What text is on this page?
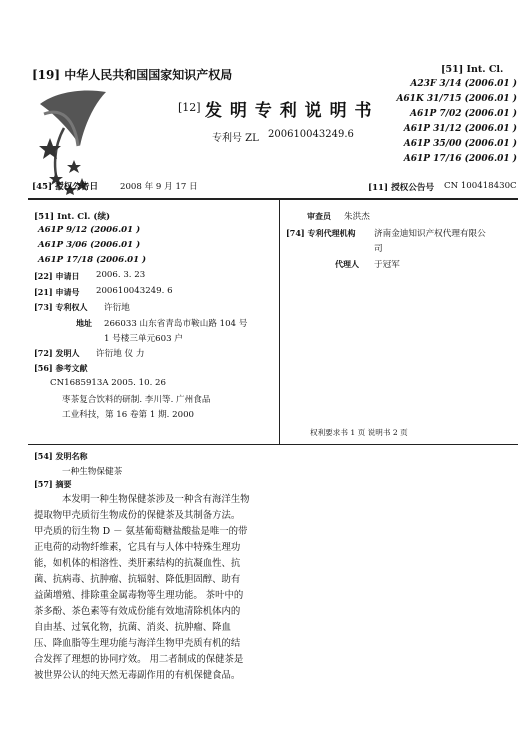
[19] 中华人民共和国国家知识产权局
[12] 发 明 专 利 说 明 书
专利号 ZL 200610043249.6
[51] Int. Cl.
A23F 3/14 (2006.01 )
A61K 31/715 (2006.01 )
A61P 7/02 (2006.01 )
A61P 31/12 (2006.01 )
A61P 35/00 (2006.01 )
A61P 17/16 (2006.01 )
[45] 授权公告日	2008 年 9 月 17 日	[11] 授权公告号 CN 100418430C
[51] Int. Cl. (续)
A61P 9/12 (2006.01 )
A61P 3/06 (2006.01 )
A61P 17/18 (2006.01 )
[22] 申请日 2006. 3. 23
[21] 申请号 200610043249. 6
[73] 专利权人 许衍地
地址 266033 山东省青岛市鞍山路 104 号
1 号楼三单元603 户
[72] 发明人 许衍地 仪 力
[56] 参考文献
CN1685913A 2005. 10. 26
枣茶复合饮料的研制. 李川等. 广州食品
工业科技，第 16 卷第 1 期. 2000
审查员 朱洪杰
[74] 专利代理机构 济南金迪知识产权代理有限公
司
代理人 于冠军
权利要求书 1 页 说明书 2 页
[54] 发明名称
一种生物保健茶
[57] 摘要
本发明一种生物保健茶涉及一种含有海洋生物
提取物甲壳质衍生物成份的保健茶及其制备方法。
甲壳质的衍生物 D － 氨基葡萄糖盐酸盐是唯一的带
正电荷的动物纤维素，它具有与人体中特殊生理功
能，如机体的相溶性、类肝素结构的抗凝血性、抗
菌、抗病毒、抗肿瘤、抗辐射、降低胆固醇、助有
益菌增殖、排除重金属毒物等生理功能。 茶叶中的
茶多酚、茶色素等有效成份能有效地清除机体内的
自由基、过氧化物，抗菌、消炎、抗肿瘤、降血
压、降血脂等生理功能与海洋生物甲壳质有机的结
合发挥了理想的协同疗效。 用二者制成的保健茶是
被世界公认的纯天然无毒副作用的有机保健食品。
